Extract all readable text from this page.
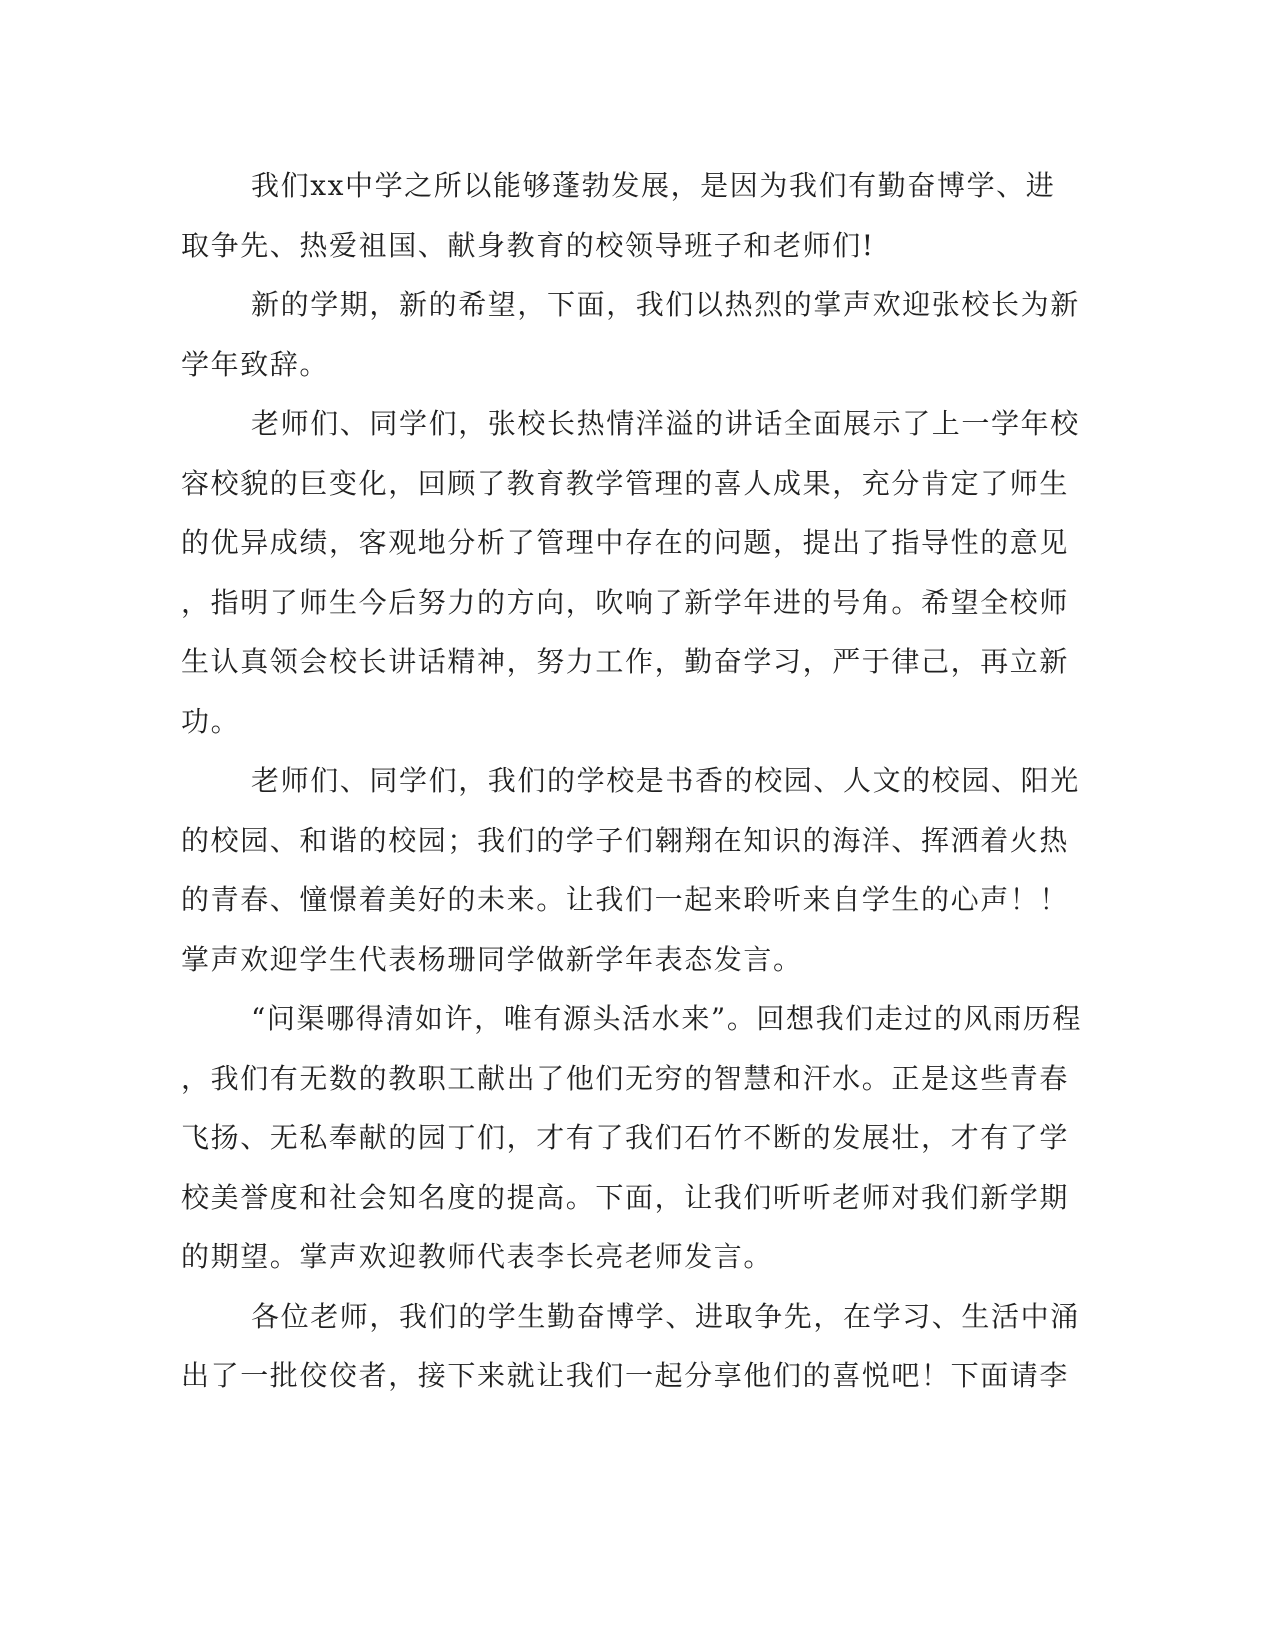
我们xx中学之所以能够蓬勃发展，是因为我们有勤奋博学、进
取争先、热爱祖国、献身教育的校领导班子和老师们!
新的学期，新的希望，下面，我们以热烈的掌声欢迎张校长为新
学年致辞。
老师们、同学们，张校长热情洋溢的讲话全面展示了上一学年校
容校貌的巨变化，回顾了教育教学管理的喜人成果，充分肯定了师生
的优异成绩，客观地分析了管理中存在的问题，提出了指导性的意见
，指明了师生今后努力的方向，吹响了新学年进的号角。希望全校师
生认真领会校长讲话精神，努力工作，勤奋学习，严于律己，再立新
功。
老师们、同学们，我们的学校是书香的校园、人文的校园、阳光
的校园、和谐的校园；我们的学子们翱翔在知识的海洋、挥洒着火热
的青春、憧憬着美好的未来。让我们一起来聆听来自学生的心声！！
掌声欢迎学生代表杨珊同学做新学年表态发言。
“问渠哪得清如许，唯有源头活水来”。回想我们走过的风雨历程
，我们有无数的教职工献出了他们无穷的智慧和汗水。正是这些青春
飞扬、无私奉献的园丁们，才有了我们石竹不断的发展壮，才有了学
校美誉度和社会知名度的提高。下面，让我们听听老师对我们新学期
的期望。掌声欢迎教师代表李长亮老师发言。
各位老师，我们的学生勤奋博学、进取争先，在学习、生活中涌
出了一批佼佼者，接下来就让我们一起分享他们的喜悦吧！下面请李
